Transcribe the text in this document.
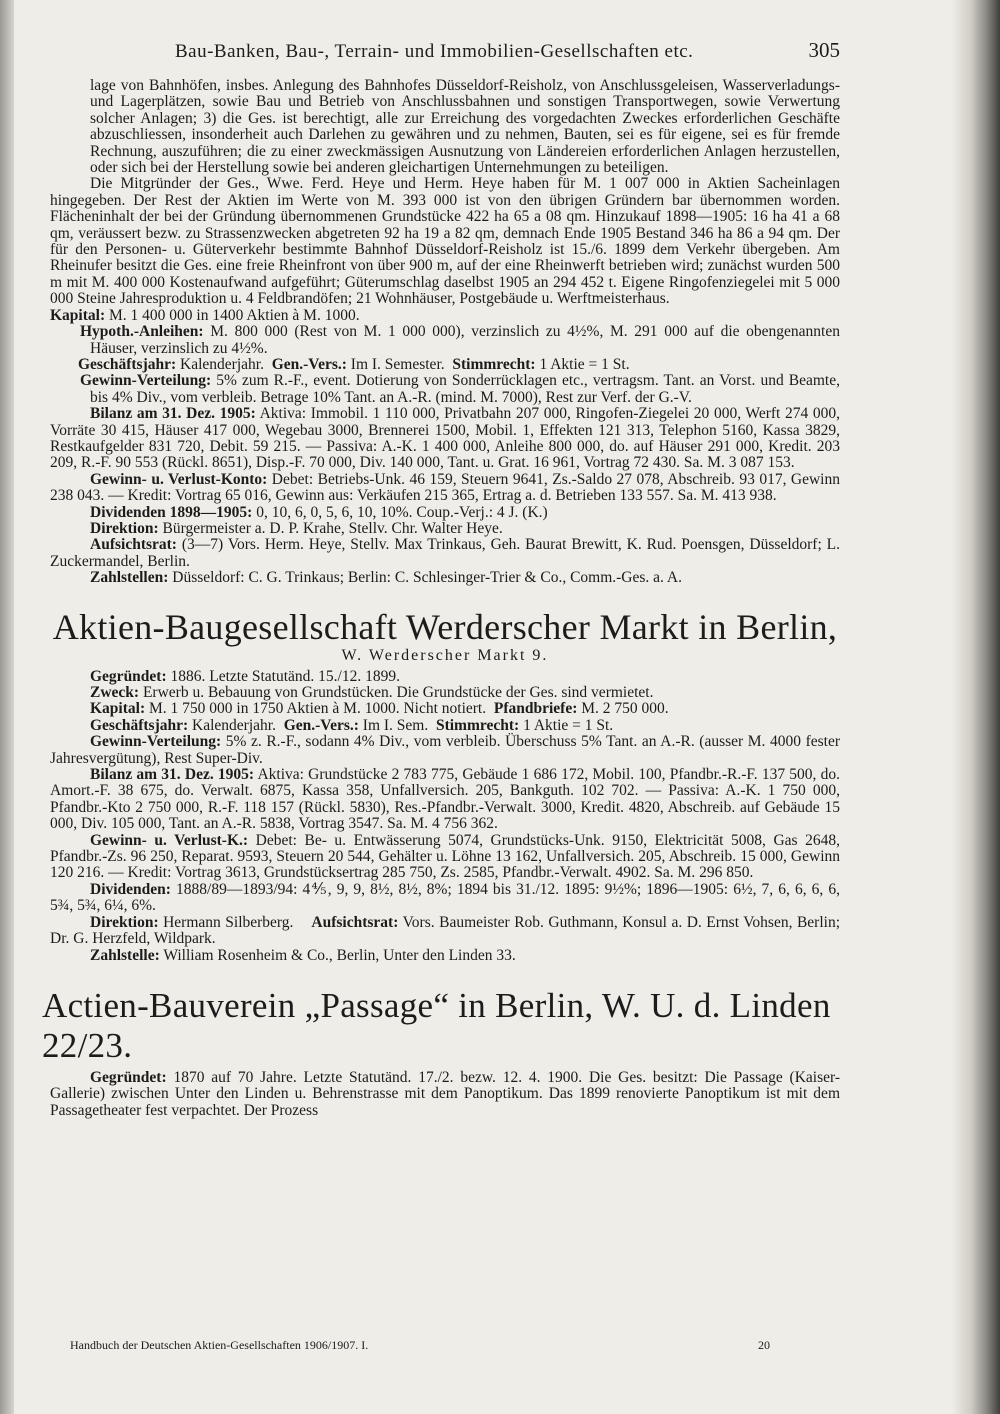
Bau-Banken, Bau-, Terrain- und Immobilien-Gesellschaften etc.	305

lage von Bahnhöfen, insbes. Anlegung des Bahnhofes Düsseldorf-Reisholz, von Anschlussgeleisen, Wasserverladungs- und Lagerplätzen, sowie Bau und Betrieb von Anschlussbahnen und sonstigen Transportwegen, sowie Verwertung solcher Anlagen; 3) die Ges. ist berechtigt, alle zur Erreichung des vorgedachten Zweckes erforderlichen Geschäfte abzuschliessen, insonderheit auch Darlehen zu gewähren und zu nehmen, Bauten, sei es für eigene, sei es für fremde Rechnung, auszuführen; die zu einer zweckmässigen Ausnutzung von Ländereien erforderlichen Anlagen herzustellen, oder sich bei der Herstellung sowie bei anderen gleichartigen Unternehmungen zu beteiligen.

Die Mitgründer der Ges., Wwe. Ferd. Heye und Herm. Heye haben für M. 1 007 000 in Aktien Sacheinlagen hingegeben. Der Rest der Aktien im Werte von M. 393 000 ist von den übrigen Gründern bar übernommen worden. Flächeninhalt der bei der Gründung übernommenen Grundstücke 422 ha 65 a 08 qm. Hinzukauf 1898—1905: 16 ha 41 a 68 qm, veräussert bezw. zu Strassenzwecken abgetreten 92 ha 19 a 82 qm, demnach Ende 1905 Bestand 346 ha 86 a 94 qm. Der für den Personen- u. Güterverkehr bestimmte Bahnhof Düsseldorf-Reisholz ist 15./6. 1899 dem Verkehr übergeben. Am Rheinufer besitzt die Ges. eine freie Rheinfront von über 900 m, auf der eine Rheinwerft betrieben wird; zunächst wurden 500 m mit M. 400 000 Kostenaufwand aufgeführt; Güterumschlag daselbst 1905 an 294 452 t. Eigene Ringofenziegelei mit 5 000 000 Steine Jahresproduktion u. 4 Feldbrandöfen; 21 Wohnhäuser, Postgebäude u. Werftmeisterhaus.

Kapital: M. 1 400 000 in 1400 Aktien à M. 1000.

Hypoth.-Anleihen: M. 800 000 (Rest von M. 1 000 000), verzinslich zu 4½%, M. 291 000 auf die obengenannten Häuser, verzinslich zu 4½%.

Geschäftsjahr: Kalenderjahr. Gen.-Vers.: Im I. Semester. Stimmrecht: 1 Aktie = 1 St.

Gewinn-Verteilung: 5% zum R.-F., event. Dotierung von Sonderrücklagen etc., vertragsm. Tant. an Vorst. und Beamte, bis 4% Div., vom verbleib. Betrage 10% Tant. an A.-R. (mind. M. 7000), Rest zur Verf. der G.-V.

Bilanz am 31. Dez. 1905: Aktiva: Immobil. 1 110 000, Privatbahn 207 000, Ringofen-Ziegelei 20 000, Werft 274 000, Vorräte 30 415, Häuser 417 000, Wegebau 3000, Brennerei 1500, Mobil. 1, Effekten 121 313, Telephon 5160, Kassa 3829, Restkaufgelder 831 720, Debit. 59 215. — Passiva: A.-K. 1 400 000, Anleihe 800 000, do. auf Häuser 291 000, Kredit. 203 209, R.-F. 90 553 (Rückl. 8651), Disp.-F. 70 000, Div. 140 000, Tant. u. Grat. 16 961, Vortrag 72 430. Sa. M. 3 087 153.

Gewinn- u. Verlust-Konto: Debet: Betriebs-Unk. 46 159, Steuern 9641, Zs.-Saldo 27 078, Abschreib. 93 017, Gewinn 238 043. — Kredit: Vortrag 65 016, Gewinn aus: Verkäufen 215 365, Ertrag a. d. Betrieben 133 557. Sa. M. 413 938.

Dividenden 1898—1905: 0, 10, 6, 0, 5, 6, 10, 10%. Coup.-Verj.: 4 J. (K.)

Direktion: Bürgermeister a. D. P. Krahe, Stellv. Chr. Walter Heye.

Aufsichtsrat: (3—7) Vors. Herm. Heye, Stellv. Max Trinkaus, Geh. Baurat Brewitt, K. Rud. Poensgen, Düsseldorf; L. Zuckermandel, Berlin.

Zahlstellen: Düsseldorf: C. G. Trinkaus; Berlin: C. Schlesinger-Trier & Co., Comm.-Ges. a. A.

Aktien-Baugesellschaft Werderscher Markt in Berlin,
W. Werderscher Markt 9.

Gegründet: 1886. Letzte Statutänd. 15./12. 1899.

Zweck: Erwerb u. Bebauung von Grundstücken. Die Grundstücke der Ges. sind vermietet.

Kapital: M. 1 750 000 in 1750 Aktien à M. 1000. Nicht notiert. Pfandbriefe: M. 2 750 000.

Geschäftsjahr: Kalenderjahr. Gen.-Vers.: Im I. Sem. Stimmrecht: 1 Aktie = 1 St.

Gewinn-Verteilung: 5% z. R.-F., sodann 4% Div., vom verbleib. Überschuss 5% Tant. an A.-R. (ausser M. 4000 fester Jahresvergütung), Rest Super-Div.

Bilanz am 31. Dez. 1905: Aktiva: Grundstücke 2 783 775, Gebäude 1 686 172, Mobil. 100, Pfandbr.-R.-F. 137 500, do. Amort.-F. 38 675, do. Verwalt. 6875, Kassa 358, Unfallversich. 205, Bankguth. 102 702. — Passiva: A.-K. 1 750 000, Pfandbr.-Kto 2 750 000, R.-F. 118 157 (Rückl. 5830), Res.-Pfandbr.-Verwalt. 3000, Kredit. 4820, Abschreib. auf Gebäude 15 000, Div. 105 000, Tant. an A.-R. 5838, Vortrag 3547. Sa. M. 4 756 362.

Gewinn- u. Verlust-K.: Debet: Be- u. Entwässerung 5074, Grundstücks-Unk. 9150, Elektricität 5008, Gas 2648, Pfandbr.-Zs. 96 250, Reparat. 9593, Steuern 20 544, Gehälter u. Löhne 13 162, Unfallversich. 205, Abschreib. 15 000, Gewinn 120 216. — Kredit: Vortrag 3613, Grundstücksertrag 285 750, Zs. 2585, Pfandbr.-Verwalt. 4902. Sa. M. 296 850.

Dividenden: 1888/89—1893/94: 4⅘, 9, 9, 8½, 8½, 8%; 1894 bis 31./12. 1895: 9½%; 1896—1905: 6½, 7, 6, 6, 6, 6, 5¾, 5¾, 6¼, 6%.

Direktion: Hermann Silberberg. Aufsichtsrat: Vors. Baumeister Rob. Guthmann, Konsul a. D. Ernst Vohsen, Berlin; Dr. G. Herzfeld, Wildpark.

Zahlstelle: William Rosenheim & Co., Berlin, Unter den Linden 33.

Actien-Bauverein „Passage“ in Berlin, W. U. d. Linden 22/23.

Gegründet: 1870 auf 70 Jahre. Letzte Statutänd. 17./2. bezw. 12. 4. 1900. Die Ges. besitzt: Die Passage (Kaiser-Gallerie) zwischen Unter den Linden u. Behrenstrasse mit dem Panoptikum. Das 1899 renovierte Panoptikum ist mit dem Passagetheater fest verpachtet. Der Prozess

Handbuch der Deutschen Aktien-Gesellschaften 1906/1907. I.	20
